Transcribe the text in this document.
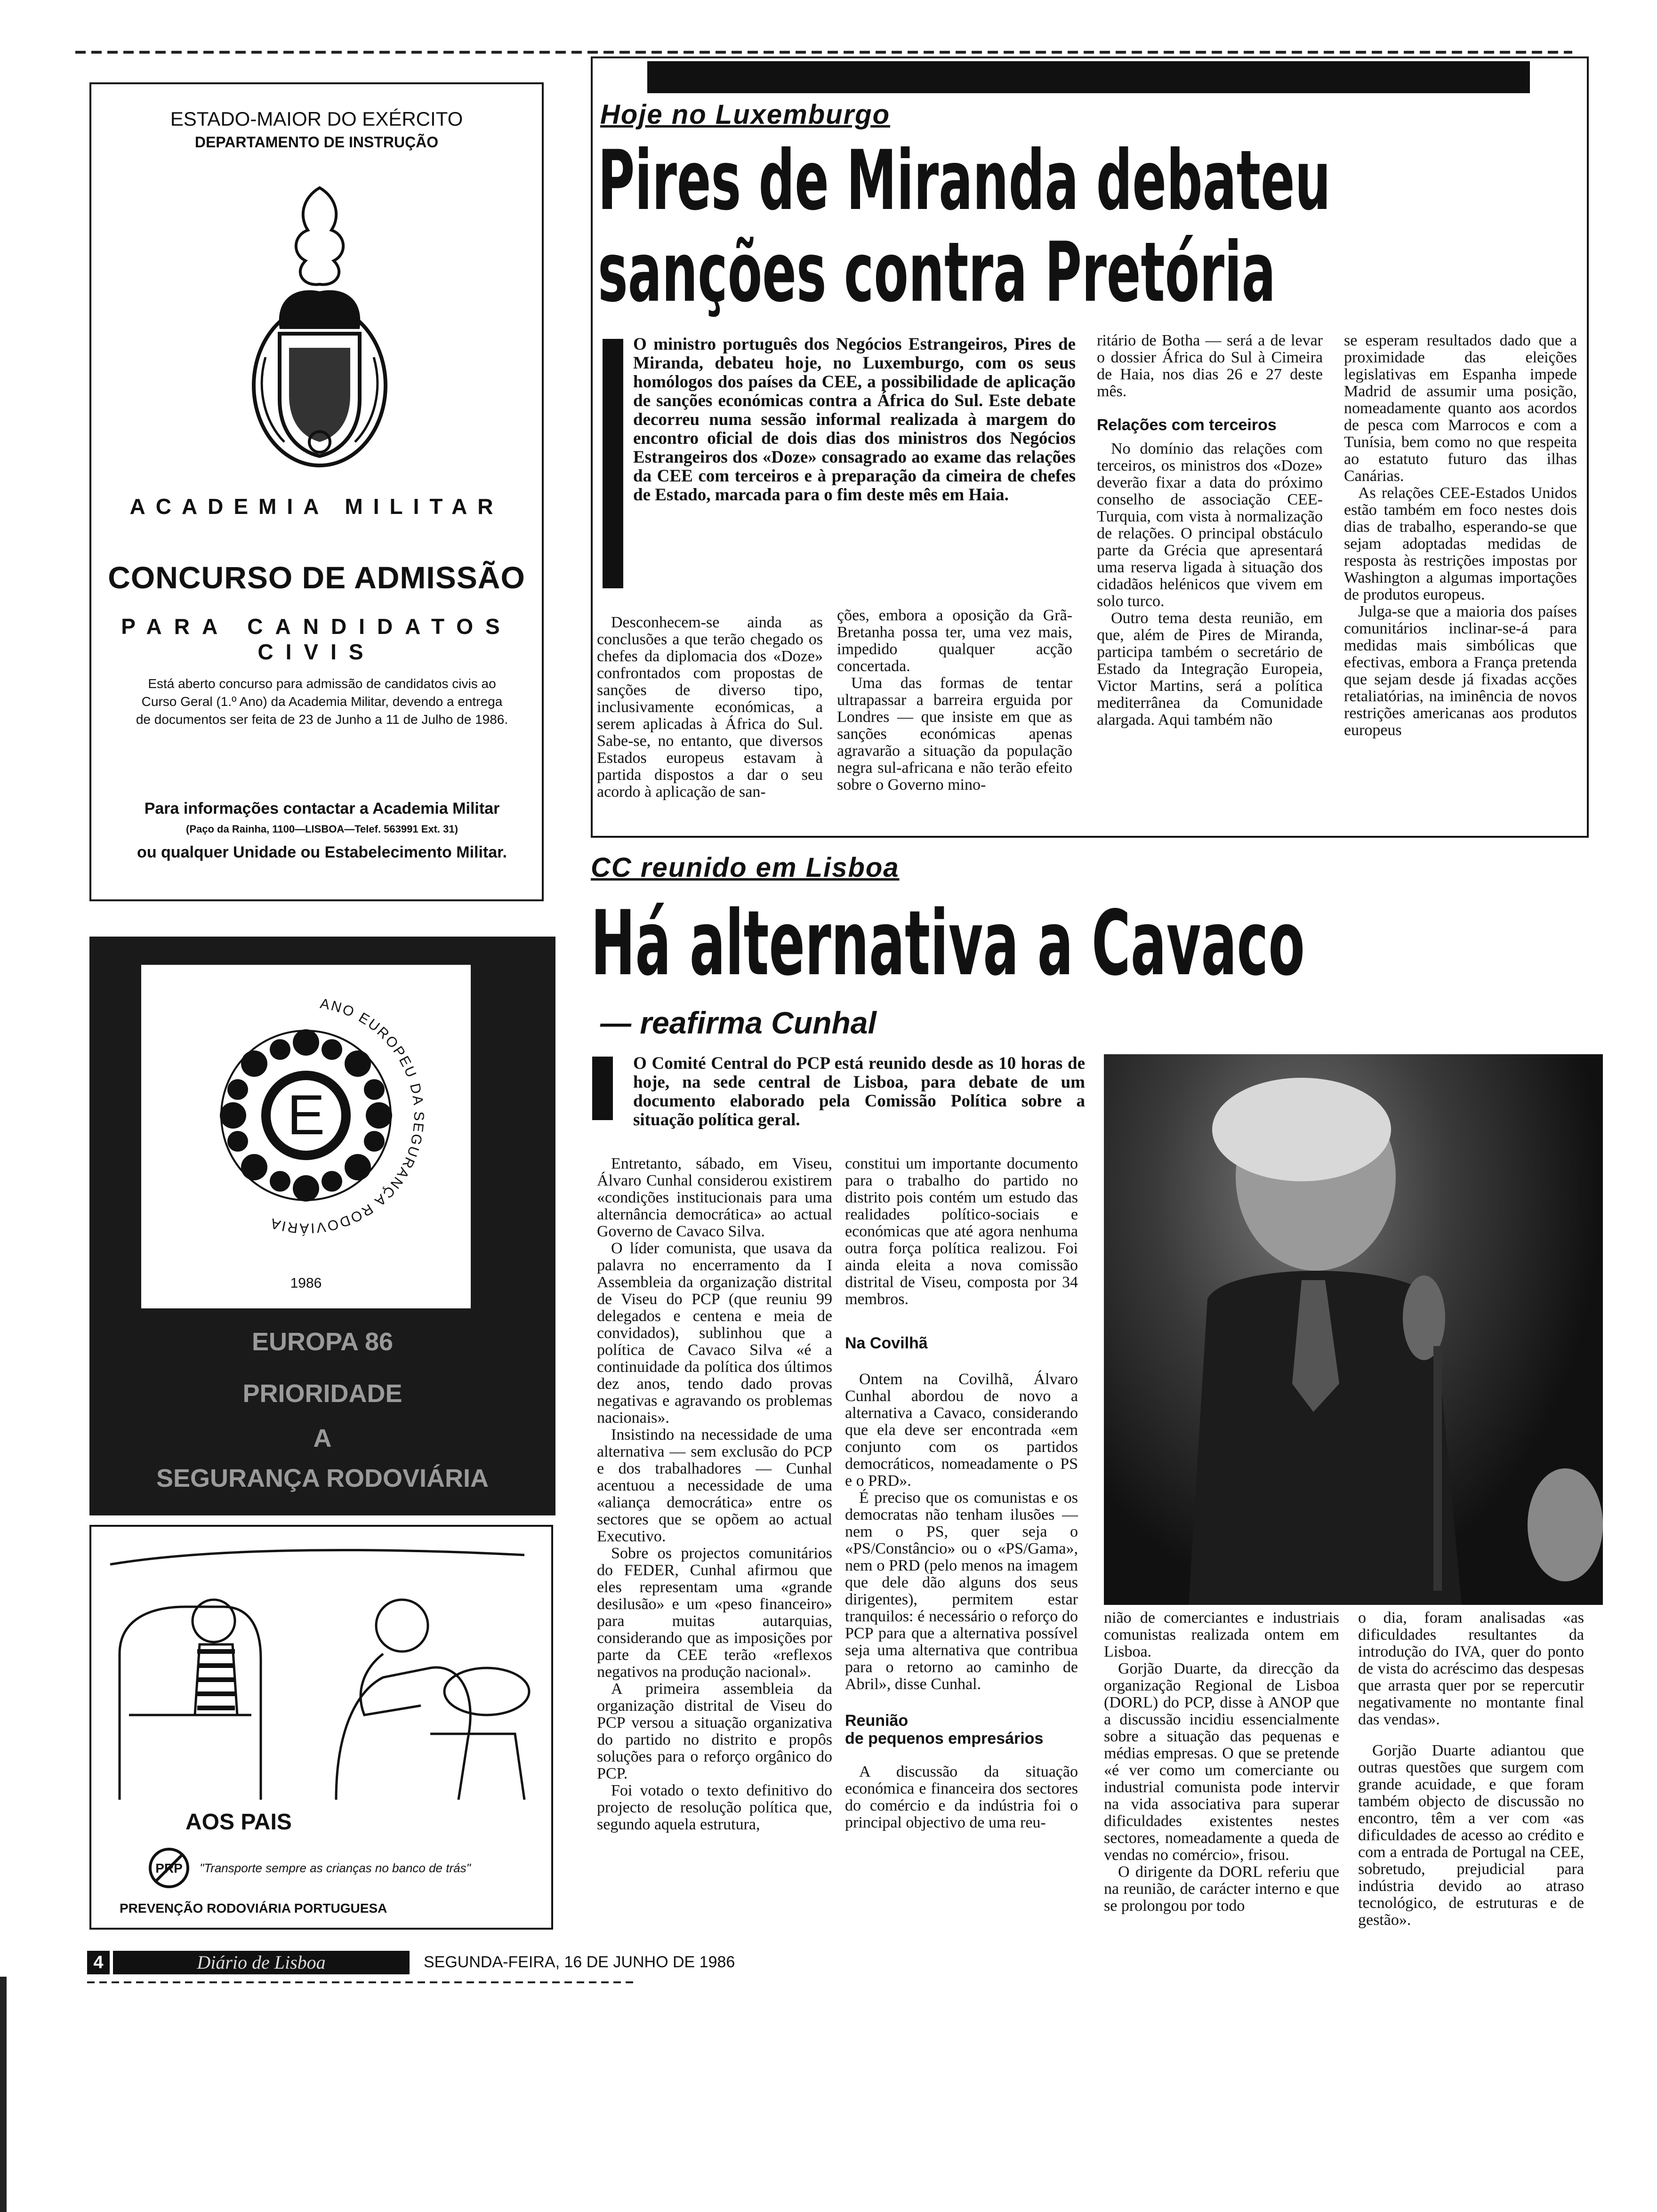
ESTADO-MAIOR DO EXÉRCITO
DEPARTAMENTO DE INSTRUÇÃO
ACADEMIA MILITAR
CONCURSO DE ADMISSÃO
PARA CANDIDATOS CIVIS
Está aberto concurso para admissão de candidatos civis ao Curso Geral (1.º Ano) da Academia Militar, devendo a entrega de documentos ser feita de 23 de Junho a 11 de Julho de 1986.
Para informações contactar a Academia Militar
(Paço da Rainha, 1100—LISBOA—Telef. 563991 Ext. 31)
ou qualquer Unidade ou Estabelecimento Militar.
ANO EUROPEU DA SEGURANÇA RODOVIÁRIA
E
1986
EUROPA 86
PRIORIDADE
A
SEGURANÇA RODOVIÁRIA
AOS PAIS
PRP "Transporte sempre as crianças no banco de trás"
PREVENÇÃO RODOVIÁRIA PORTUGUESA
4	Diário de Lisboa	SEGUNDA-FEIRA, 16 DE JUNHO DE 1986
Hoje no Luxemburgo
Pires de Miranda debateu
sanções contra Pretória
O ministro português dos Negócios Estrangeiros, Pires de Miranda, debateu hoje, no Luxemburgo, com os seus homólogos dos países da CEE, a possibilidade de aplicação de sanções económicas contra a África do Sul. Este debate decorreu numa sessão informal realizada à margem do encontro oficial de dois dias dos ministros dos Negócios Estrangeiros dos «Doze» consagrado ao exame das relações da CEE com terceiros e à preparação da cimeira de chefes de Estado, marcada para o fim deste mês em Haia.

Desconhecem-se ainda as conclusões a que terão chegado os chefes da diplomacia dos «Doze» confrontados com propostas de sanções de diverso tipo, inclusivamente económicas, a serem aplicadas à África do Sul. Sabe-se, no entanto, que diversos Estados europeus estavam à partida dispostos a dar o seu acordo à aplicação de san-

ções, embora a oposição da Grã-Bretanha possa ter, uma vez mais, impedido qualquer acção concertada.

Uma das formas de tentar ultrapassar a barreira erguida por Londres — que insiste em que as sanções económicas apenas agravarão a situação da população negra sul-africana e não terão efeito sobre o Governo mino-

ritário de Botha — será a de levar o dossier África do Sul à Cimeira de Haia, nos dias 26 e 27 deste mês.

Relações com terceiros

No domínio das relações com terceiros, os ministros dos «Doze» deverão fixar a data do próximo conselho de associação CEE-Turquia, com vista à normalização de relações. O principal obstáculo parte da Grécia que apresentará uma reserva ligada à situação dos cidadãos helénicos que vivem em solo turco.

Outro tema desta reunião, em que, além de Pires de Miranda, participa também o secretário de Estado da Integração Europeia, Victor Martins, será a política mediterrânea da Comunidade alargada. Aqui também não

se esperam resultados dado que a proximidade das eleições legislativas em Espanha impede Madrid de assumir uma posição, nomeadamente quanto aos acordos de pesca com Marrocos e com a Tunísia, bem como no que respeita ao estatuto futuro das ilhas Canárias.

As relações CEE-Estados Unidos estão também em foco nestes dois dias de trabalho, esperando-se que sejam adoptadas medidas de resposta às restrições impostas por Washington a algumas importações de produtos europeus.

Julga-se que a maioria dos países comunitários inclinar-se-á para medidas mais simbólicas que efectivas, embora a França pretenda que sejam desde já fixadas acções retaliatórias, na iminência de novos restrições americanas aos produtos europeus

CC reunido em Lisboa
Há alternativa a Cavaco
— reafirma Cunhal
O Comité Central do PCP está reunido desde as 10 horas de hoje, na sede central de Lisboa, para debate de um documento elaborado pela Comissão Política sobre a situação política geral.

Entretanto, sábado, em Viseu, Álvaro Cunhal considerou existirem «condições institucionais para uma alternância democrática» ao actual Governo de Cavaco Silva.

O líder comunista, que usava da palavra no encerramento da I Assembleia da organização distrital de Viseu do PCP (que reuniu 99 delegados e centena e meia de convidados), sublinhou que a política de Cavaco Silva «é a continuidade da política dos últimos dez anos, tendo dado provas negativas e agravando os problemas nacionais».

Insistindo na necessidade de uma alternativa — sem exclusão do PCP e dos trabalhadores — Cunhal acentuou a necessidade de uma «aliança democrática» entre os sectores que se opõem ao actual Executivo.

Sobre os projectos comunitários do FEDER, Cunhal afirmou que eles representam uma «grande desilusão» e um «peso financeiro» para muitas autarquias, considerando que as imposições por parte da CEE terão «reflexos negativos na produção nacional».

A primeira assembleia da organização distrital de Viseu do PCP versou a situação organizativa do partido no distrito e propôs soluções para o reforço orgânico do PCP.

Foi votado o texto definitivo do projecto de resolução política que, segundo aquela estrutura,

constitui um importante documento para o trabalho do partido no distrito pois contém um estudo das realidades político-sociais e económicas que até agora nenhuma outra força política realizou. Foi ainda eleita a nova comissão distrital de Viseu, composta por 34 membros.

Na Covilhã

Ontem na Covilhã, Álvaro Cunhal abordou de novo a alternativa a Cavaco, considerando que ela deve ser encontrada «em conjunto com os partidos democráticos, nomeadamente o PS e o PRD».

É preciso que os comunistas e os democratas não tenham ilusões — nem o PS, quer seja o «PS/Constâncio» ou o «PS/Gama», nem o PRD (pelo menos na imagem que dele dão alguns dos seus dirigentes), permitem estar tranquilos: é necessário o reforço do PCP para que a alternativa possível seja uma alternativa que contribua para o retorno ao caminho de Abril», disse Cunhal.

Reunião
de pequenos empresários

A discussão da situação económica e financeira dos sectores do comércio e da indústria foi o principal objectivo de uma reu-

nião de comerciantes e industriais comunistas realizada ontem em Lisboa.

Gorjão Duarte, da direcção da organização Regional de Lisboa (DORL) do PCP, disse à ANOP que a discussão incidiu essencialmente sobre a situação das pequenas e médias empresas. O que se pretende «é ver como um comerciante ou industrial comunista pode intervir na vida associativa para superar dificuldades existentes nestes sectores, nomeadamente a queda de vendas no comércio», frisou.

O dirigente da DORL referiu que na reunião, de carácter interno e que se prolongou por todo

o dia, foram analisadas «as dificuldades resultantes da introdução do IVA, quer do ponto de vista do acréscimo das despesas que arrasta quer por se repercutir negativamente no montante final das vendas».

Gorjão Duarte adiantou que outras questões que surgem com grande acuidade, e que foram também objecto de discussão no encontro, têm a ver com «as dificuldades de acesso ao crédito e com a entrada de Portugal na CEE, sobretudo, prejudicial para indústria devido ao atraso tecnológico, de estruturas e de gestão».
